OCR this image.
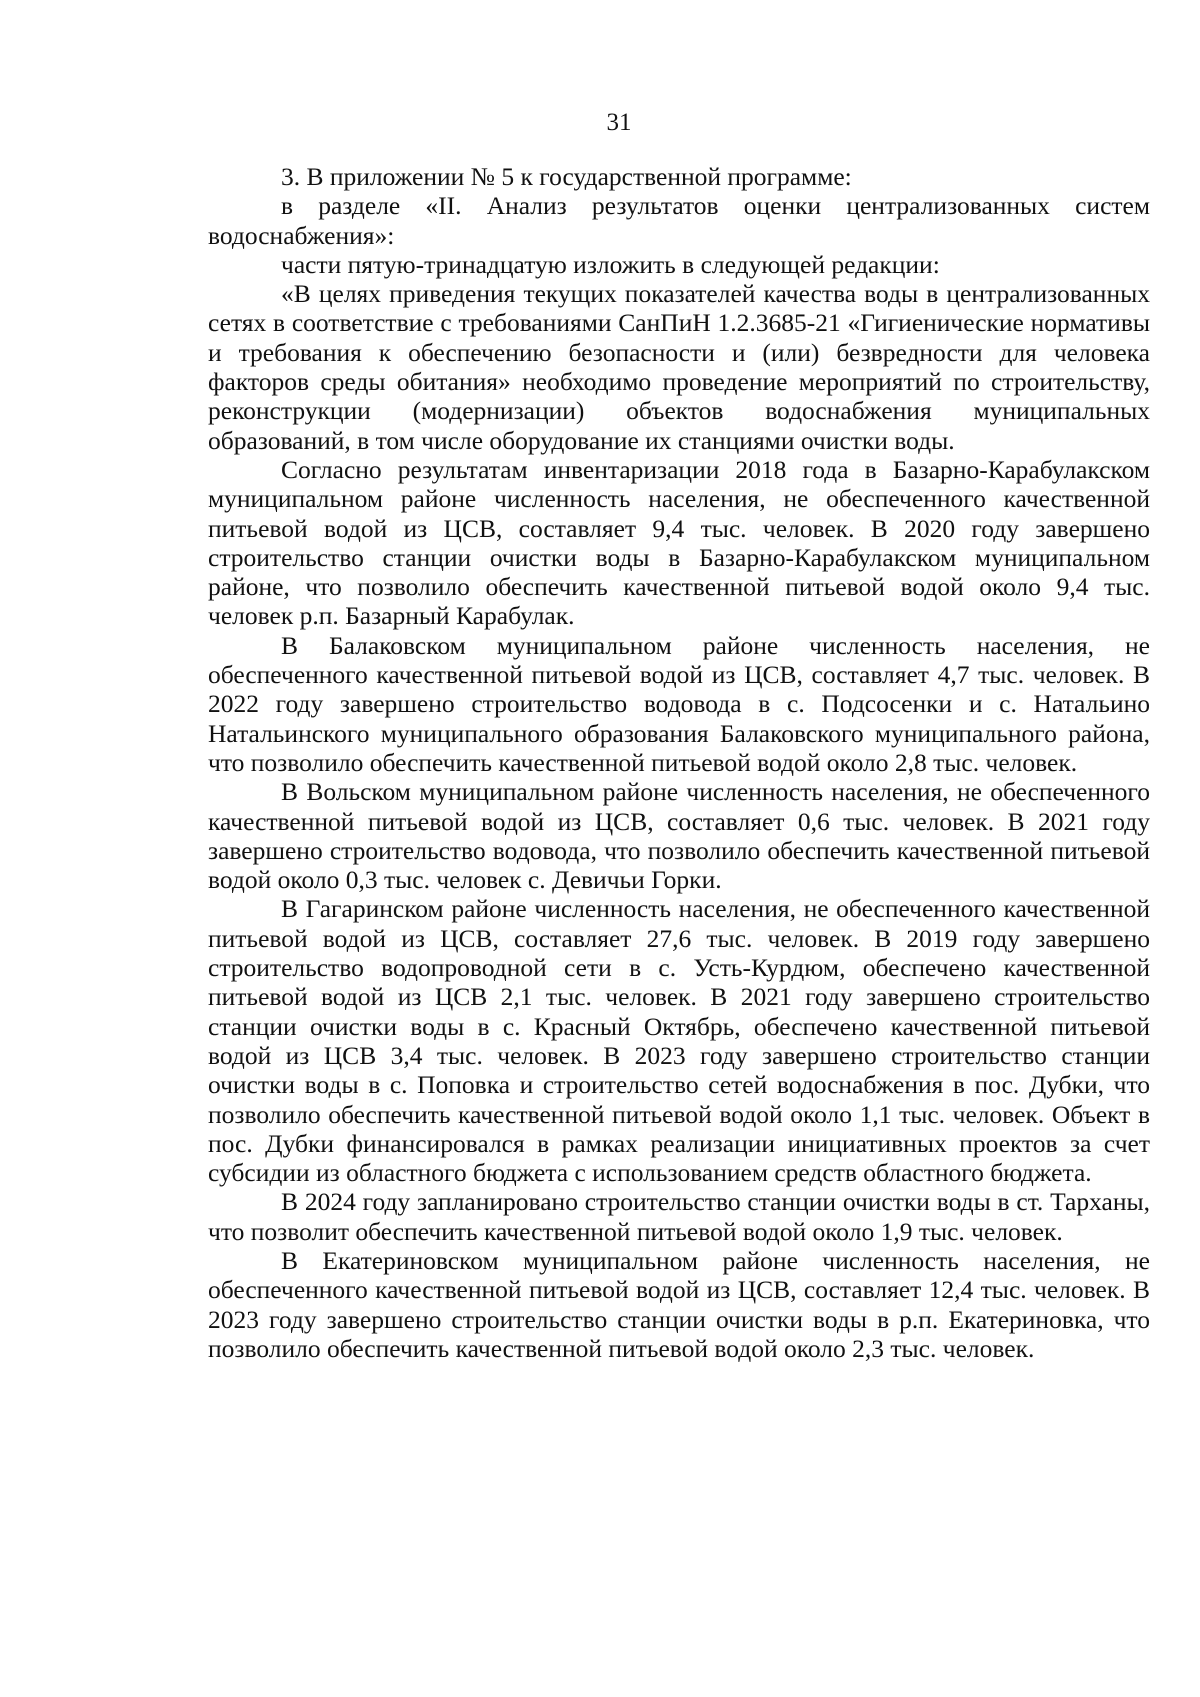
31

3. В приложении № 5 к государственной программе:

в разделе «II. Анализ результатов оценки централизованных систем водоснабжения»:

части пятую-тринадцатую изложить в следующей редакции:

«В целях приведения текущих показателей качества воды в централизованных сетях в соответствие с требованиями СанПиН 1.2.3685-21 «Гигиенические нормативы и требования к обеспечению безопасности и (или) безвредности для человека факторов среды обитания» необходимо проведение мероприятий по строительству, реконструкции (модернизации) объектов водоснабжения муниципальных образований, в том числе оборудование их станциями очистки воды.

Согласно результатам инвентаризации 2018 года в Базарно-Карабулакском муниципальном районе численность населения, не обеспеченного качественной питьевой водой из ЦСВ, составляет 9,4 тыс. человек. В 2020 году завершено строительство станции очистки воды в Базарно-Карабулакском муниципальном районе, что позволило обеспечить качественной питьевой водой около 9,4 тыс. человек р.п. Базарный Карабулак.

В Балаковском муниципальном районе численность населения, не обеспеченного качественной питьевой водой из ЦСВ, составляет 4,7 тыс. человек. В 2022 году завершено строительство водовода в с. Подсосенки и с. Натальино Натальинского муниципального образования Балаковского муниципального района, что позволило обеспечить качественной питьевой водой около 2,8 тыс. человек.

В Вольском муниципальном районе численность населения, не обеспеченного качественной питьевой водой из ЦСВ, составляет 0,6 тыс. человек. В 2021 году завершено строительство водовода, что позволило обеспечить качественной питьевой водой около 0,3 тыс. человек с. Девичьи Горки.

В Гагаринском районе численность населения, не обеспеченного качественной питьевой водой из ЦСВ, составляет 27,6 тыс. человек. В 2019 году завершено строительство водопроводной сети в с. Усть-Курдюм, обеспечено качественной питьевой водой из ЦСВ 2,1 тыс. человек. В 2021 году завершено строительство станции очистки воды в с. Красный Октябрь, обеспечено качественной питьевой водой из ЦСВ 3,4 тыс. человек. В 2023 году завершено строительство станции очистки воды в с. Поповка и строительство сетей водоснабжения в пос. Дубки, что позволило обеспечить качественной питьевой водой около 1,1 тыс. человек. Объект в пос. Дубки финансировался в рамках реализации инициативных проектов за счет субсидии из областного бюджета с использованием средств областного бюджета.

В 2024 году запланировано строительство станции очистки воды в ст. Тарханы, что позволит обеспечить качественной питьевой водой около 1,9 тыс. человек.

В Екатериновском муниципальном районе численность населения, не обеспеченного качественной питьевой водой из ЦСВ, составляет 12,4 тыс. человек. В 2023 году завершено строительство станции очистки воды в р.п. Екатериновка, что позволило обеспечить качественной питьевой водой около 2,3 тыс. человек.
